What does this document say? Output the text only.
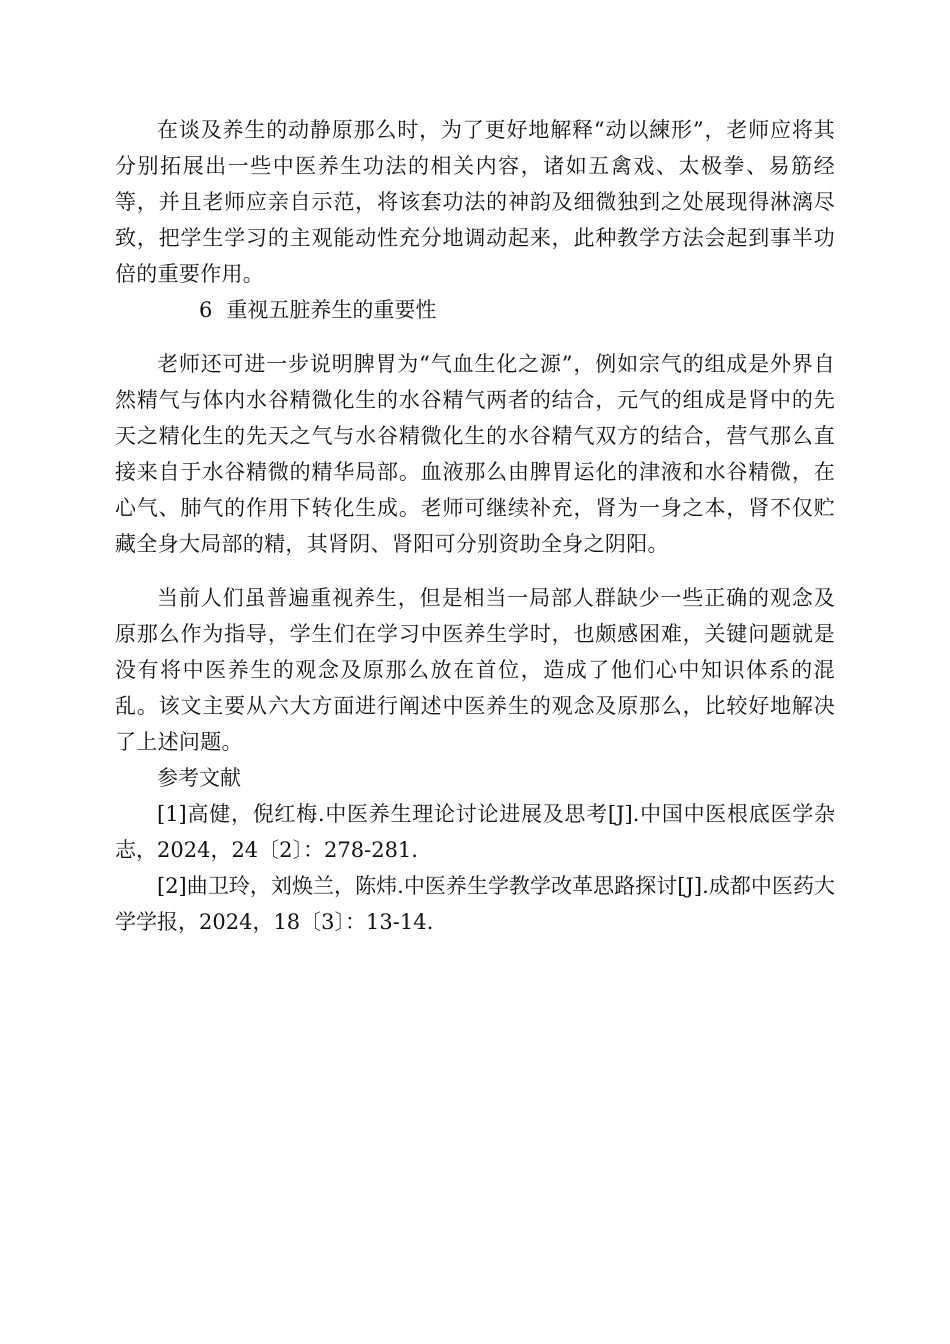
在谈及养生的动静原那么时，为了更好地解释“动以練形”，老师应将其分别拓展出一些中医养生功法的相关内容，诸如五禽戏、太极拳、易筋经等，并且老师应亲自示范，将该套功法的神韵及细微独到之处展现得淋漓尽致，把学生学习的主观能动性充分地调动起来，此种教学方法会起到事半功倍的重要作用。

6 重视五脏养生的重要性

老师还可进一步说明脾胃为“气血生化之源”，例如宗气的组成是外界自然精气与体内水谷精微化生的水谷精气两者的结合，元气的组成是肾中的先天之精化生的先天之气与水谷精微化生的水谷精气双方的结合，营气那么直接来自于水谷精微的精华局部。血液那么由脾胃运化的津液和水谷精微，在心气、肺气的作用下转化生成。老师可继续补充，肾为一身之本，肾不仅贮藏全身大局部的精，其肾阴、肾阳可分别资助全身之阴阳。

当前人们虽普遍重视养生，但是相当一局部人群缺少一些正确的观念及原那么作为指导，学生们在学习中医养生学时，也颇感困难，关键问题就是没有将中医养生的观念及原那么放在首位，造成了他们心中知识体系的混乱。该文主要从六大方面进行阐述中医养生的观念及原那么，比较好地解决了上述问题。

参考文献

[1]高健，倪红梅.中医养生理论讨论进展及思考[J].中国中医根底医学杂志，2024，24〔2〕：278-281.

[2]曲卫玲，刘焕兰，陈炜.中医养生学教学改革思路探讨[J].成都中医药大学学报，2024，18〔3〕：13-14.
